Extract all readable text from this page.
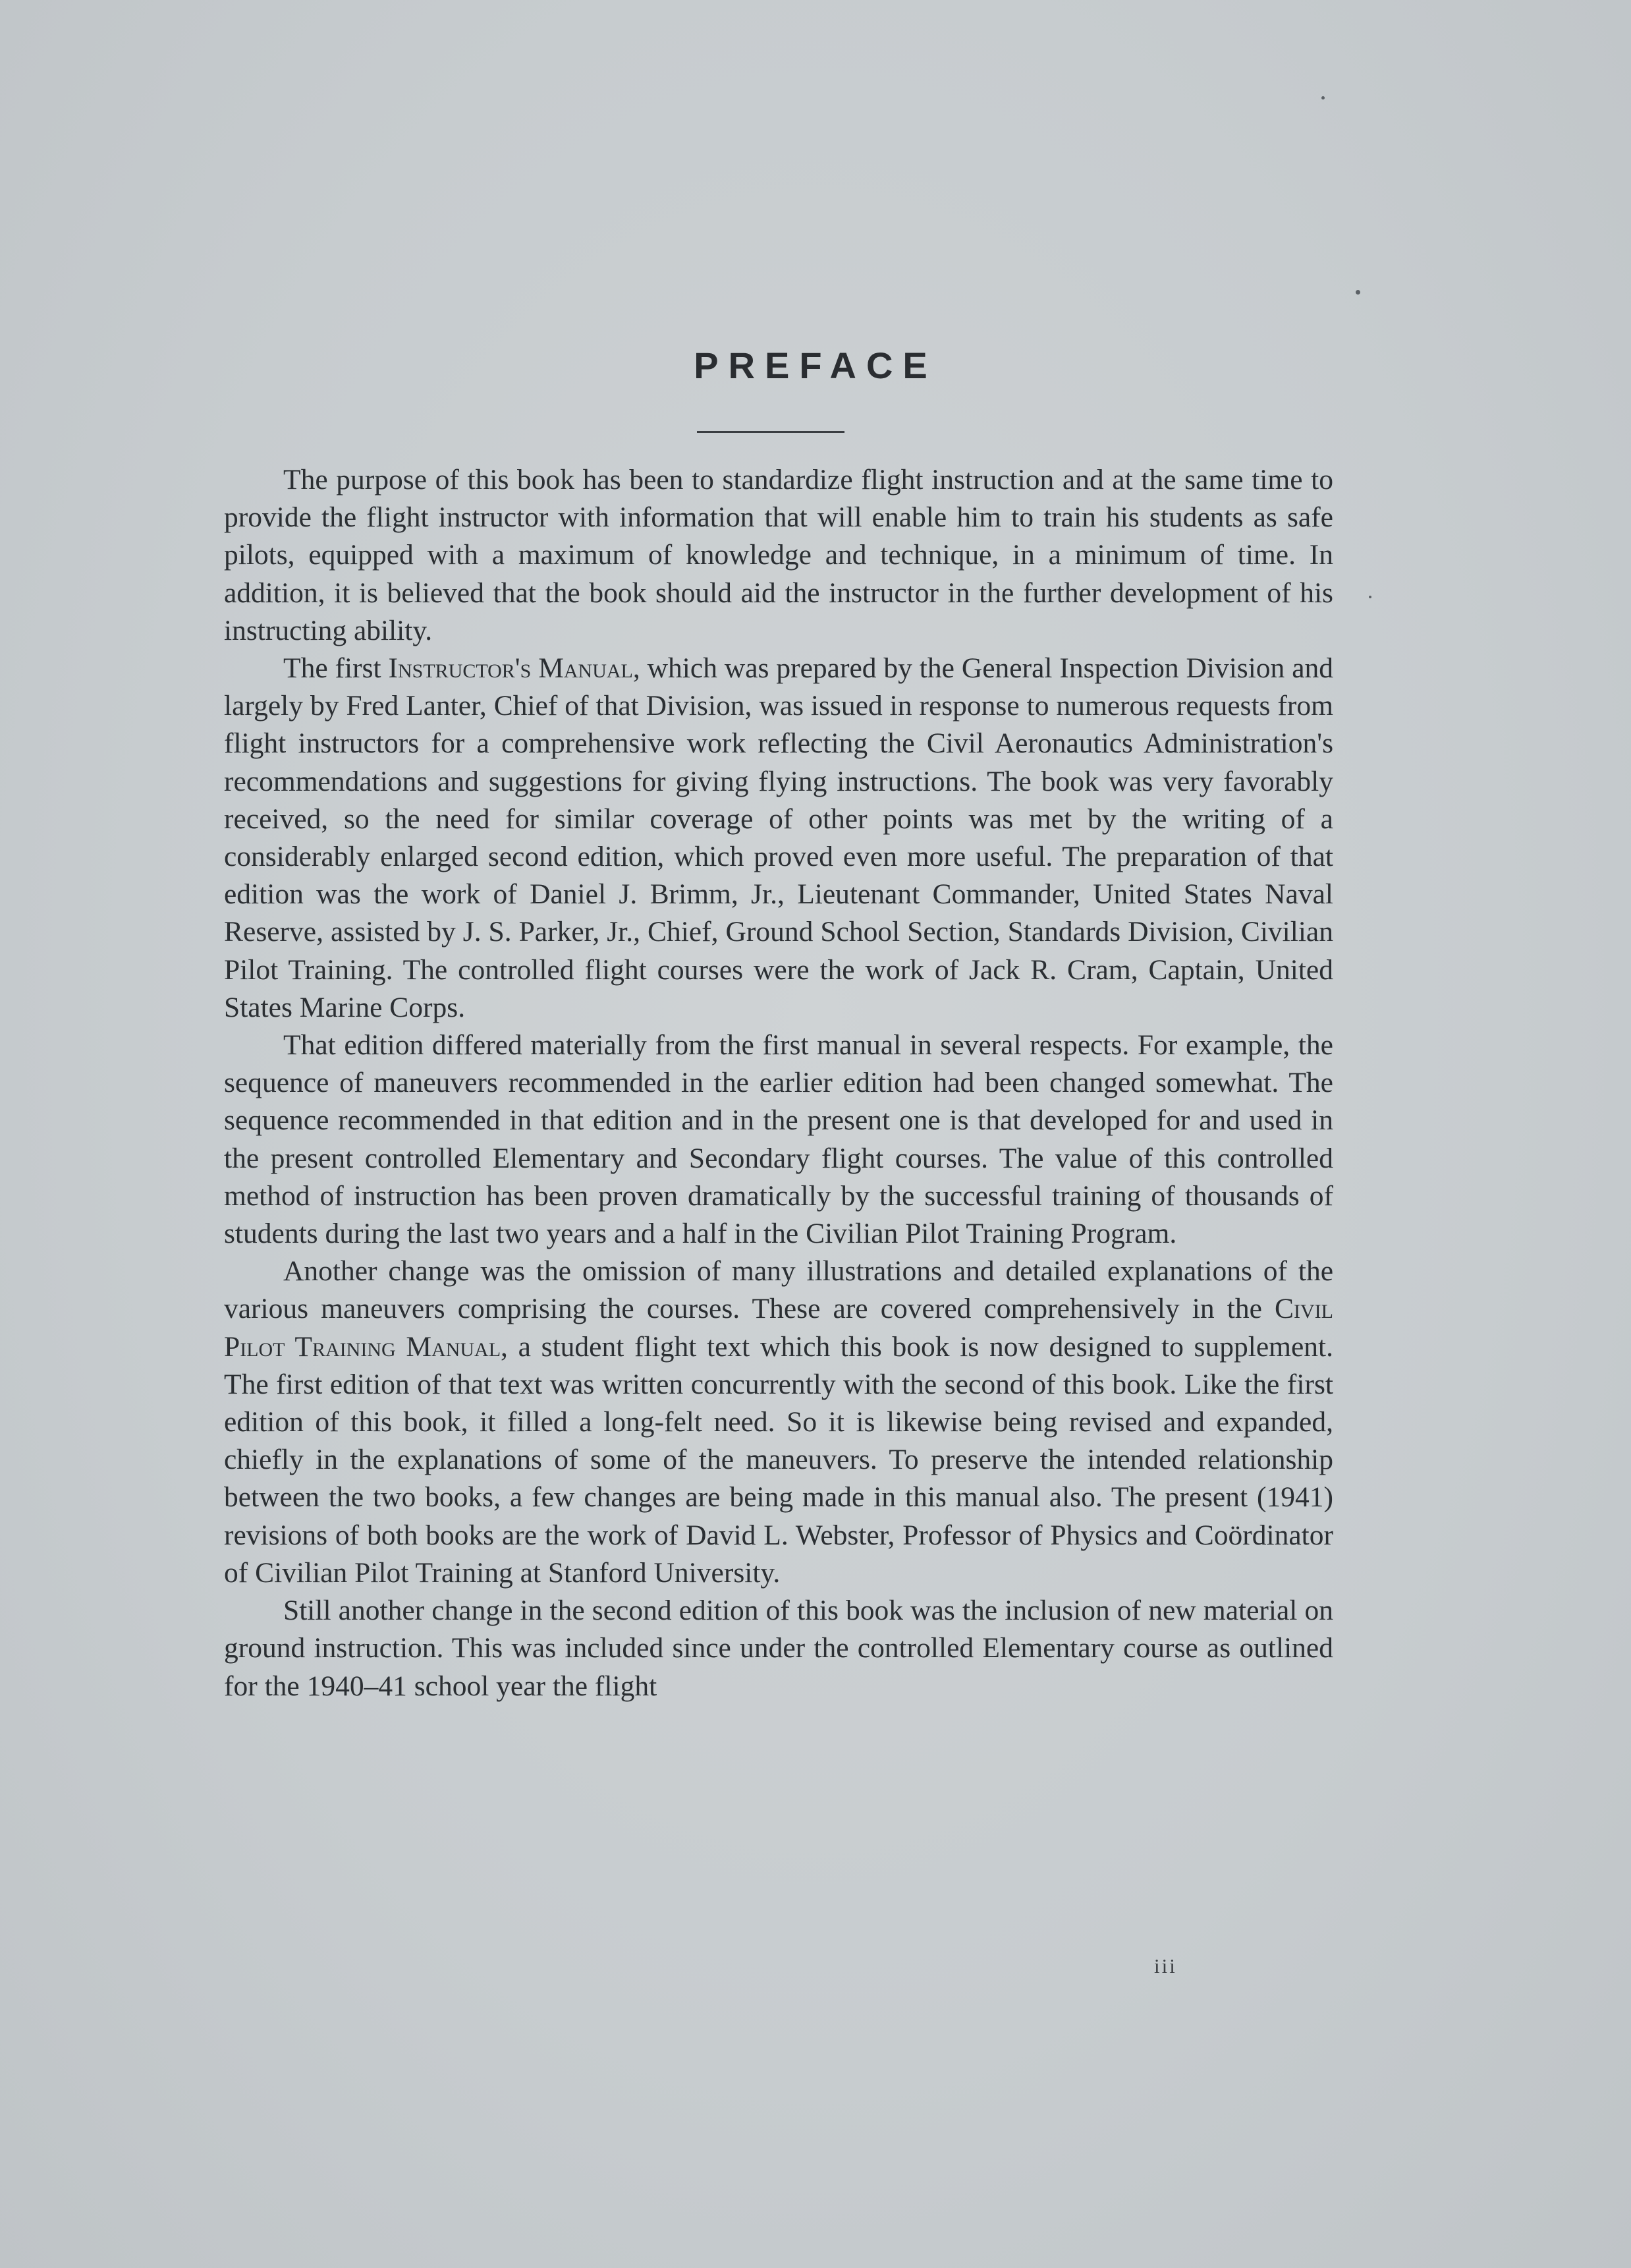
PREFACE

The purpose of this book has been to standardize flight instruction and at the same time to provide the flight instructor with information that will enable him to train his students as safe pilots, equipped with a maximum of knowledge and technique, in a minimum of time. In addition, it is believed that the book should aid the instructor in the further development of his instructing ability.

The first Instructor's Manual, which was prepared by the General Inspection Division and largely by Fred Lanter, Chief of that Division, was issued in response to numerous requests from flight instructors for a comprehensive work reflecting the Civil Aeronautics Administration's recommendations and suggestions for giving flying instructions. The book was very favorably received, so the need for similar coverage of other points was met by the writing of a considerably enlarged second edition, which proved even more useful. The preparation of that edition was the work of Daniel J. Brimm, Jr., Lieutenant Commander, United States Naval Reserve, assisted by J. S. Parker, Jr., Chief, Ground School Section, Standards Division, Civilian Pilot Training. The controlled flight courses were the work of Jack R. Cram, Captain, United States Marine Corps.

That edition differed materially from the first manual in several respects. For example, the sequence of maneuvers recommended in the earlier edition had been changed somewhat. The sequence recommended in that edition and in the present one is that developed for and used in the present controlled Elementary and Secondary flight courses. The value of this controlled method of instruction has been proven dramatically by the successful training of thousands of students during the last two years and a half in the Civilian Pilot Training Program.

Another change was the omission of many illustrations and detailed explanations of the various maneuvers comprising the courses. These are covered comprehensively in the Civil Pilot Training Manual, a student flight text which this book is now designed to supplement. The first edition of that text was written concurrently with the second of this book. Like the first edition of this book, it filled a long-felt need. So it is likewise being revised and expanded, chiefly in the explanations of some of the maneuvers. To preserve the intended relationship between the two books, a few changes are being made in this manual also. The present (1941) revisions of both books are the work of David L. Webster, Professor of Physics and Coördinator of Civilian Pilot Training at Stanford University.

Still another change in the second edition of this book was the inclusion of new material on ground instruction. This was included since under the controlled Elementary course as outlined for the 1940–41 school year the flight

iii
